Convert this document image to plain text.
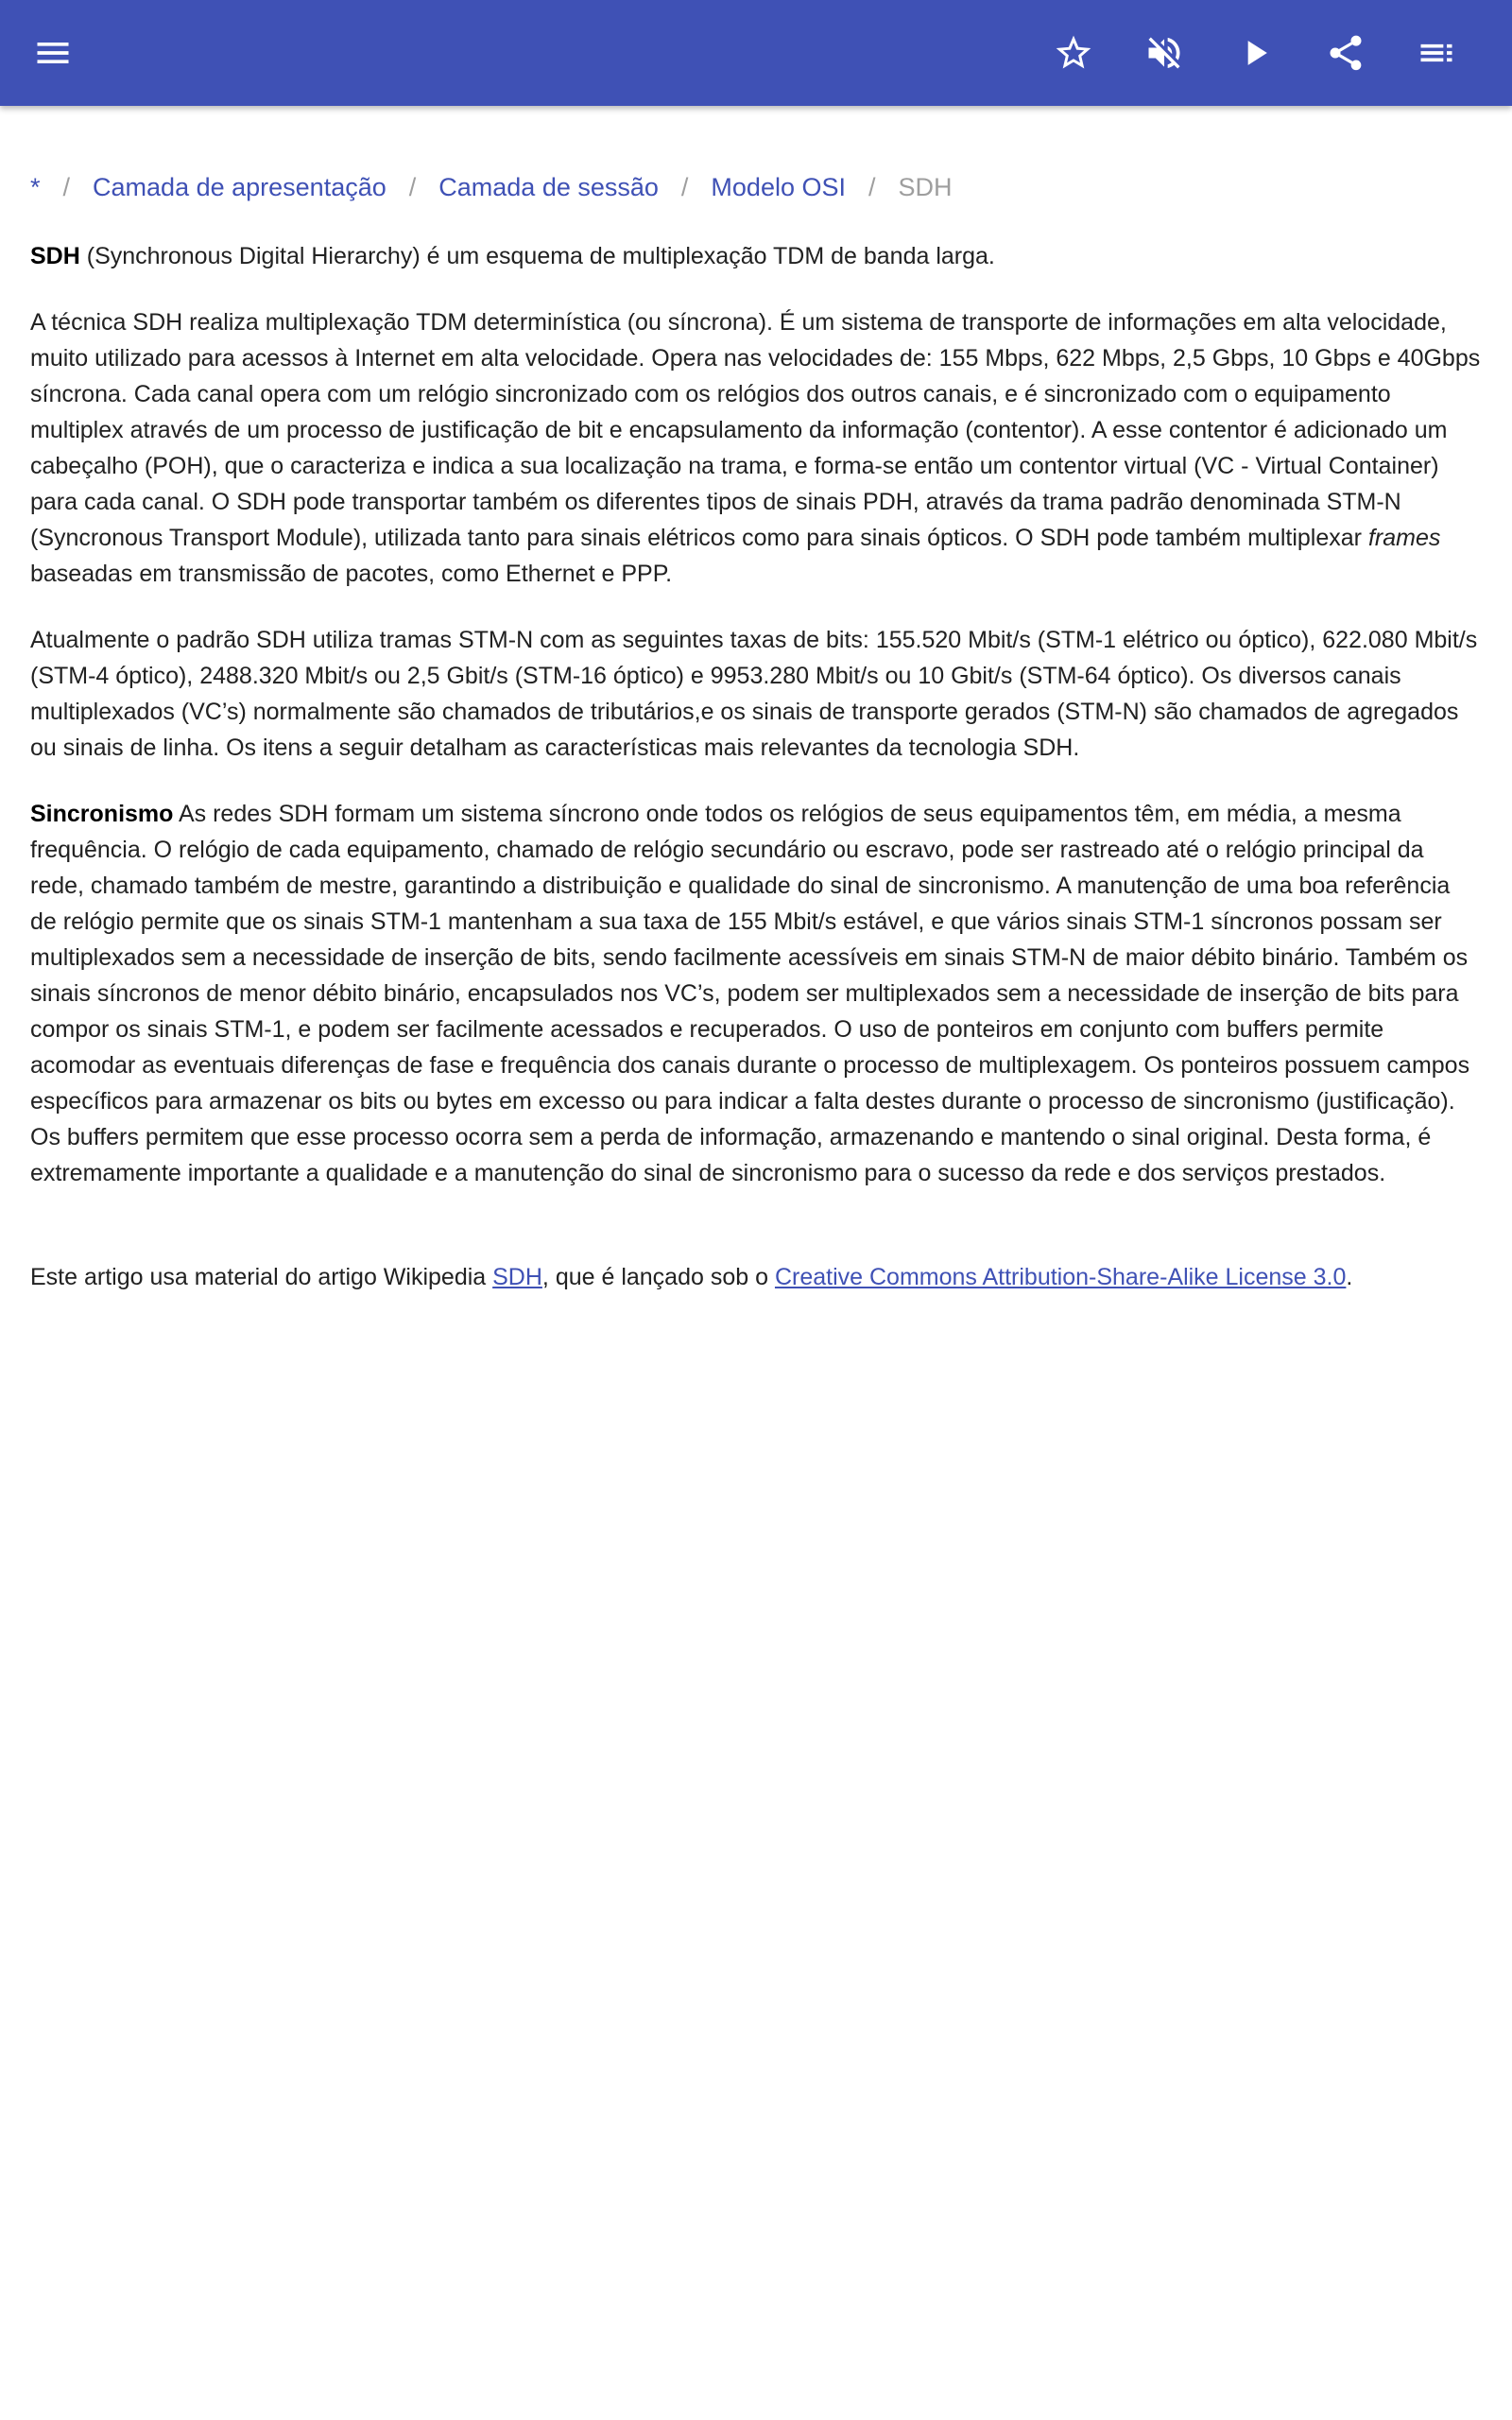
* / Camada de apresentação / Camada de sessão / Modelo OSI / SDH

SDH (Synchronous Digital Hierarchy) é um esquema de multiplexação TDM de banda larga.

A técnica SDH realiza multiplexação TDM determinística (ou síncrona). É um sistema de transporte de informações em alta velocidade, muito utilizado para acessos à Internet em alta velocidade. Opera nas velocidades de: 155 Mbps, 622 Mbps, 2,5 Gbps, 10 Gbps e 40Gbps síncrona. Cada canal opera com um relógio sincronizado com os relógios dos outros canais, e é sincronizado com o equipamento multiplex através de um processo de justificação de bit e encapsulamento da informação (contentor). A esse contentor é adicionado um cabeçalho (POH), que o caracteriza e indica a sua localização na trama, e forma-se então um contentor virtual (VC - Virtual Container) para cada canal. O SDH pode transportar também os diferentes tipos de sinais PDH, através da trama padrão denominada STM-N (Syncronous Transport Module), utilizada tanto para sinais elétricos como para sinais ópticos. O SDH pode também multiplexar frames baseadas em transmissão de pacotes, como Ethernet e PPP.

Atualmente o padrão SDH utiliza tramas STM-N com as seguintes taxas de bits: 155.520 Mbit/s (STM-1 elétrico ou óptico), 622.080 Mbit/s (STM-4 óptico), 2488.320 Mbit/s ou 2,5 Gbit/s (STM-16 óptico) e 9953.280 Mbit/s ou 10 Gbit/s (STM-64 óptico). Os diversos canais multiplexados (VC’s) normalmente são chamados de tributários,e os sinais de transporte gerados (STM-N) são chamados de agregados ou sinais de linha. Os itens a seguir detalham as características mais relevantes da tecnologia SDH.

Sincronismo As redes SDH formam um sistema síncrono onde todos os relógios de seus equipamentos têm, em média, a mesma frequência. O relógio de cada equipamento, chamado de relógio secundário ou escravo, pode ser rastreado até o relógio principal da rede, chamado também de mestre, garantindo a distribuição e qualidade do sinal de sincronismo. A manutenção de uma boa referência de relógio permite que os sinais STM-1 mantenham a sua taxa de 155 Mbit/s estável, e que vários sinais STM-1 síncronos possam ser multiplexados sem a necessidade de inserção de bits, sendo facilmente acessíveis em sinais STM-N de maior débito binário. Também os sinais síncronos de menor débito binário, encapsulados nos VC’s, podem ser multiplexados sem a necessidade de inserção de bits para compor os sinais STM-1, e podem ser facilmente acessados e recuperados. O uso de ponteiros em conjunto com buffers permite acomodar as eventuais diferenças de fase e frequência dos canais durante o processo de multiplexagem. Os ponteiros possuem campos específicos para armazenar os bits ou bytes em excesso ou para indicar a falta destes durante o processo de sincronismo (justificação). Os buffers permitem que esse processo ocorra sem a perda de informação, armazenando e mantendo o sinal original. Desta forma, é extremamente importante a qualidade e a manutenção do sinal de sincronismo para o sucesso da rede e dos serviços prestados.

Este artigo usa material do artigo Wikipedia SDH, que é lançado sob o Creative Commons Attribution-Share-Alike License 3.0.
